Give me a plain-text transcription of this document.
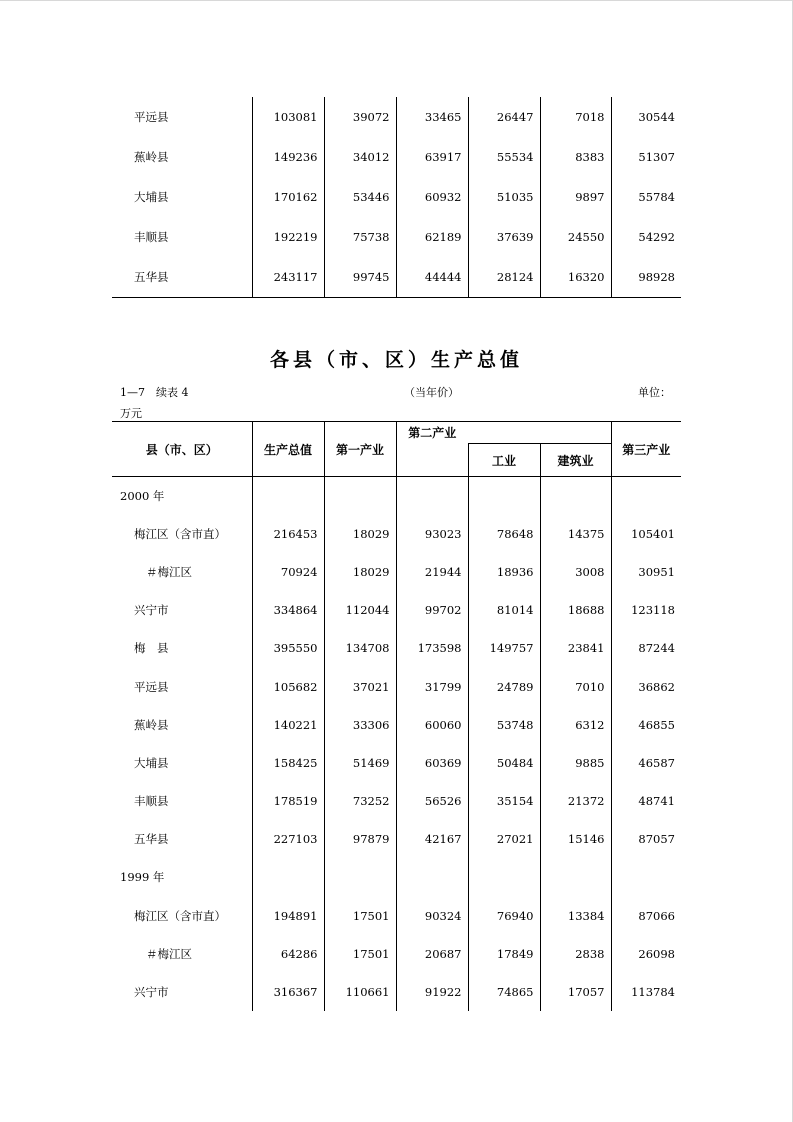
平远县	103081	39072	33465	26447	7018	30544
蕉岭县	149236	34012	63917	55534	8383	51307
大埔县	170162	53446	60932	51035	9897	55784
丰顺县	192219	75738	62189	37639	24550	54292
五华县	243117	99745	44444	28124	16320	98928
各县（市、区）生产总值
1—7　续表 4	（当年价）	单位：
万元
县（市、区）	生产总值	第一产业	第二产业			第三产业
				工业	建筑业	
2000 年						
梅江区（含市直）	216453	18029	93023	78648	14375	105401
＃梅江区	70924	18029	21944	18936	3008	30951
兴宁市	334864	112044	99702	81014	18688	123118
梅　县	395550	134708	173598	149757	23841	87244
平远县	105682	37021	31799	24789	7010	36862
蕉岭县	140221	33306	60060	53748	6312	46855
大埔县	158425	51469	60369	50484	9885	46587
丰顺县	178519	73252	56526	35154	21372	48741
五华县	227103	97879	42167	27021	15146	87057
1999 年						
梅江区（含市直）	194891	17501	90324	76940	13384	87066
＃梅江区	64286	17501	20687	17849	2838	26098
兴宁市	316367	110661	91922	74865	17057	113784
